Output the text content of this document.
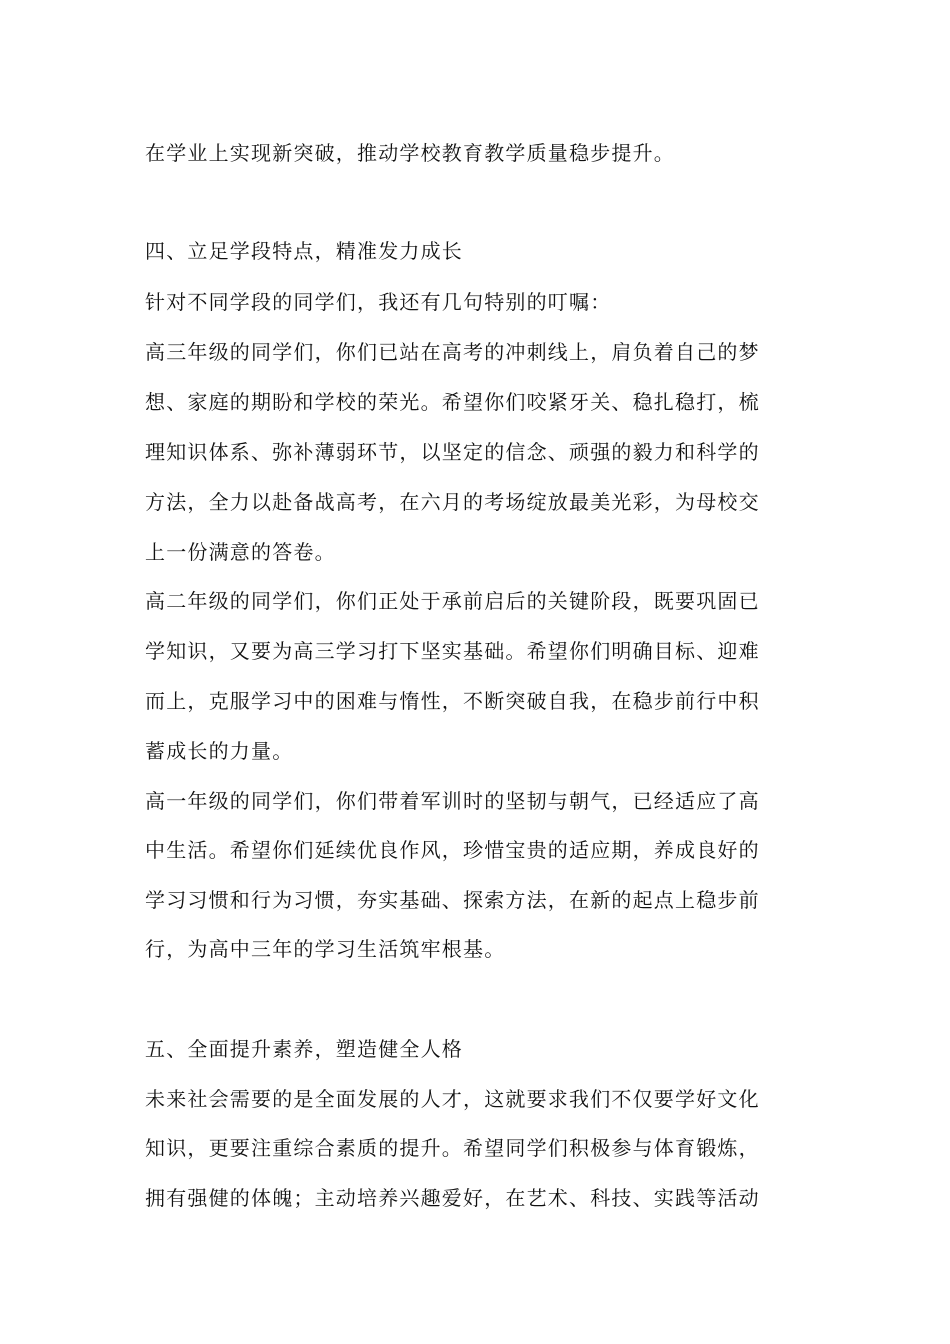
在学业上实现新突破，推动学校教育教学质量稳步提升。
四、立足学段特点，精准发力成长
针对不同学段的同学们，我还有几句特别的叮嘱：
高三年级的同学们，你们已站在高考的冲刺线上，肩负着自己的梦
想、家庭的期盼和学校的荣光。希望你们咬紧牙关、稳扎稳打，梳
理知识体系、弥补薄弱环节，以坚定的信念、顽强的毅力和科学的
方法，全力以赴备战高考，在六月的考场绽放最美光彩，为母校交
上一份满意的答卷。
高二年级的同学们，你们正处于承前启后的关键阶段，既要巩固已
学知识，又要为高三学习打下坚实基础。希望你们明确目标、迎难
而上，克服学习中的困难与惰性，不断突破自我，在稳步前行中积
蓄成长的力量。
高一年级的同学们，你们带着军训时的坚韧与朝气，已经适应了高
中生活。希望你们延续优良作风，珍惜宝贵的适应期，养成良好的
学习习惯和行为习惯，夯实基础、探索方法，在新的起点上稳步前
行，为高中三年的学习生活筑牢根基。
五、全面提升素养，塑造健全人格
未来社会需要的是全面发展的人才，这就要求我们不仅要学好文化
知识，更要注重综合素质的提升。希望同学们积极参与体育锻炼，
拥有强健的体魄；主动培养兴趣爱好，在艺术、科技、实践等活动
